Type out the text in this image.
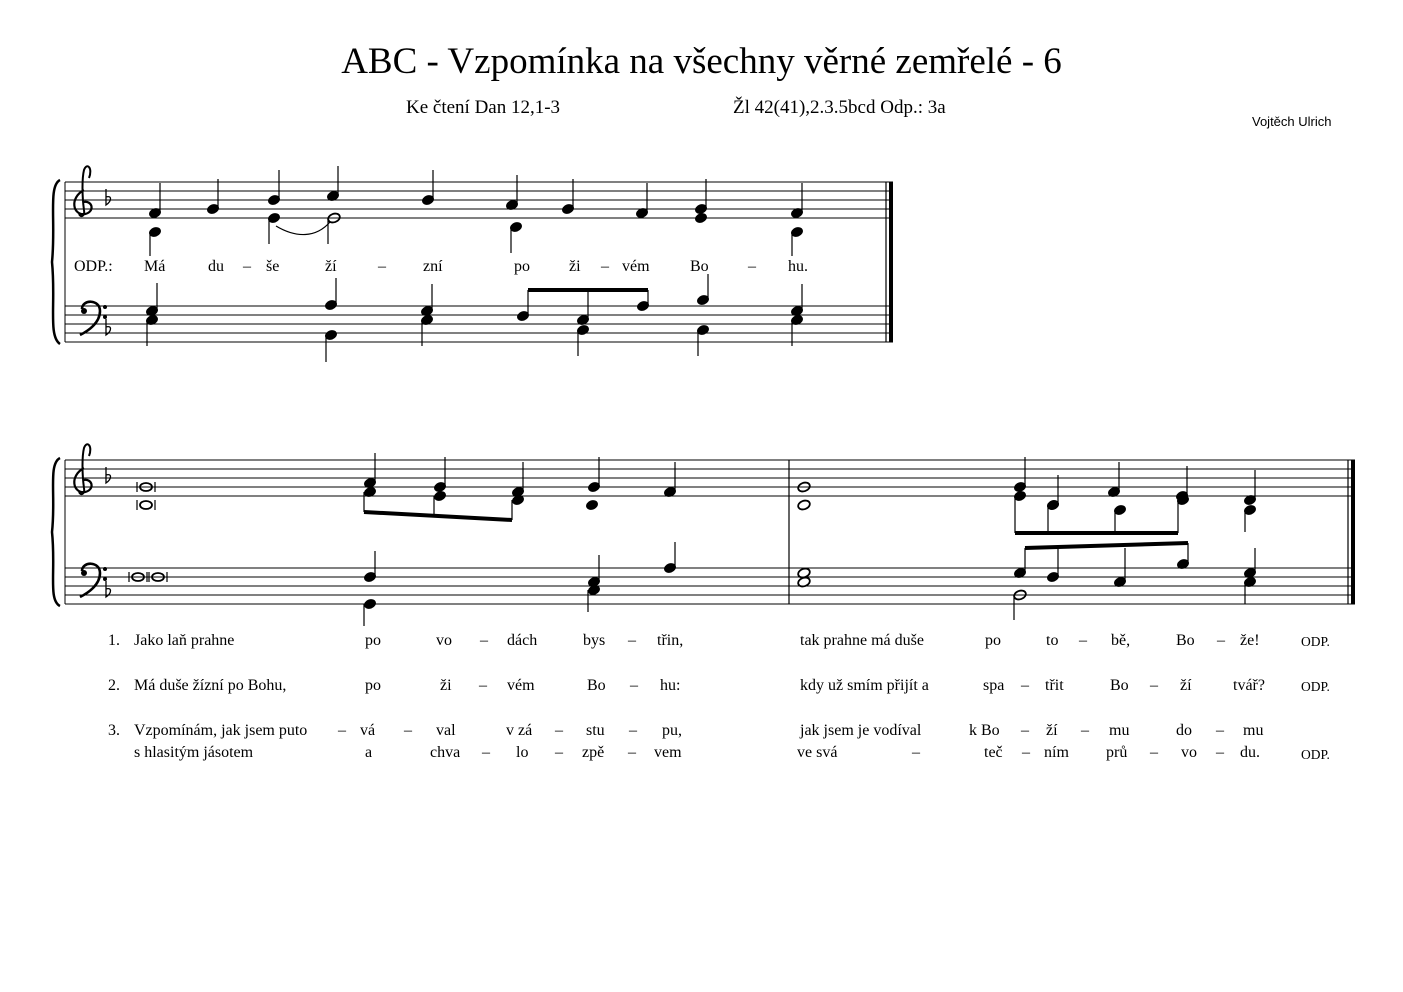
ABC - Vzpomínka na všechny věrné zemřelé - 6
Ke čtení Dan 12,1-3	Žl 42(41),2.3.5bcd Odp.: 3a
Vojtěch Ulrich
ODP.: Má	du – še	ží	– zní	po ži – vém	Bo – hu.
1. Jako laň prahne	po	vo – dách	bys – třin,	tak prahne má duše	po	to – bě,	Bo – že!	ODP.
2. Má duše žízní po Bohu,	po	ži – vém	Bo – hu:	kdy už smím přijít a	spa – třit	Bo – ží	tvář?	ODP.
3. Vzpomínám, jak jsem puto – vá – val	v zá – stu – pu,	jak jsem je vodíval	k Bo – ží – mu	do – mu
s hlasitým jásotem	a	chva – lo – zpě – vem	ve svá	–	teč – ním prů – vo – du.	ODP.
